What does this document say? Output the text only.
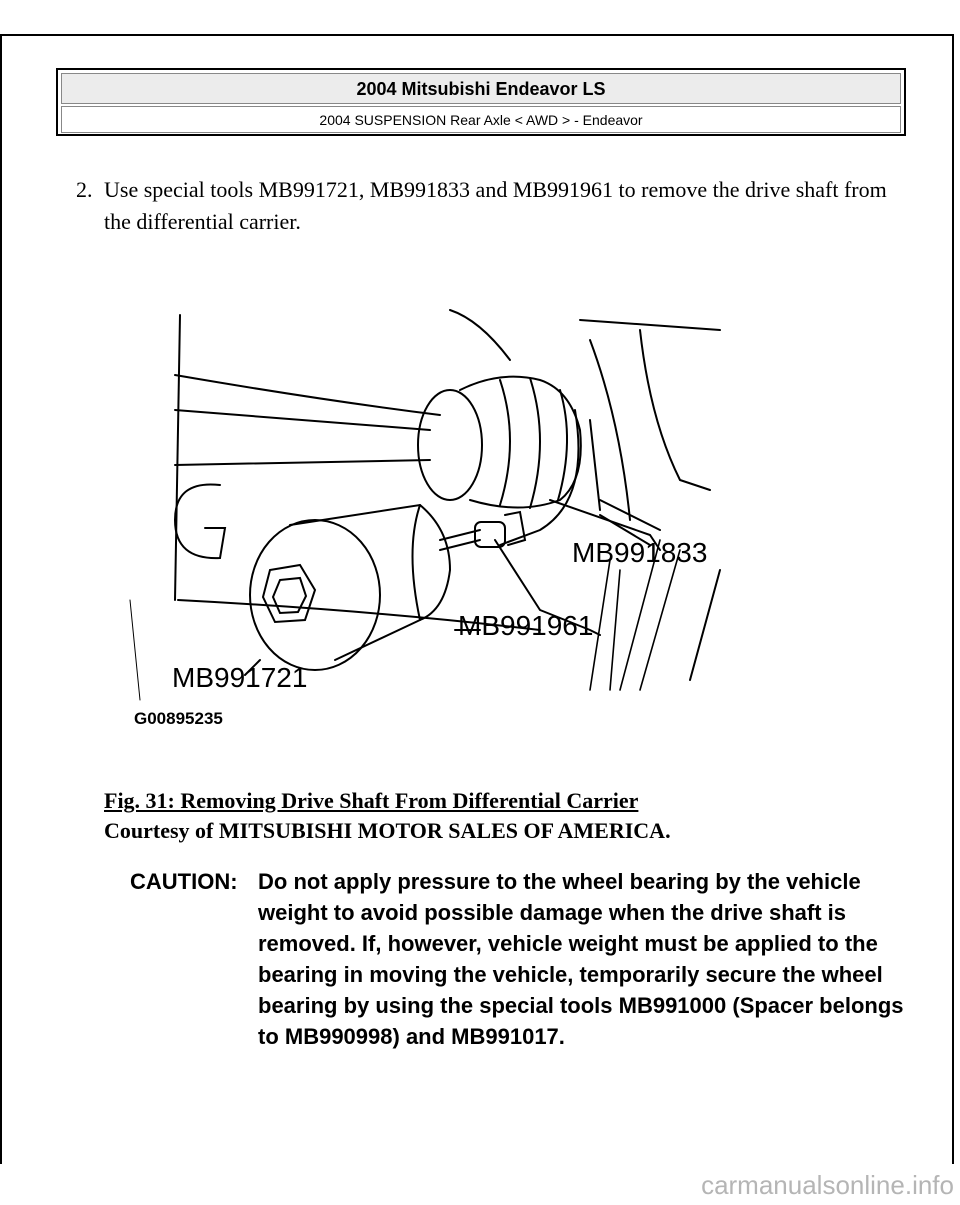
2004 Mitsubishi Endeavor LS
2004 SUSPENSION Rear Axle < AWD > - Endeavor
2. Use special tools MB991721, MB991833 and MB991961 to remove the drive shaft from the differential carrier.
MB991833
MB991961
MB991721
G00895235
Fig. 31: Removing Drive Shaft From Differential Carrier
Courtesy of MITSUBISHI MOTOR SALES OF AMERICA.
CAUTION: Do not apply pressure to the wheel bearing by the vehicle weight to avoid possible damage when the drive shaft is removed. If, however, vehicle weight must be applied to the bearing in moving the vehicle, temporarily secure the wheel bearing by using the special tools MB991000 (Spacer belongs to MB990998) and MB991017.
carmanualsonline.info
